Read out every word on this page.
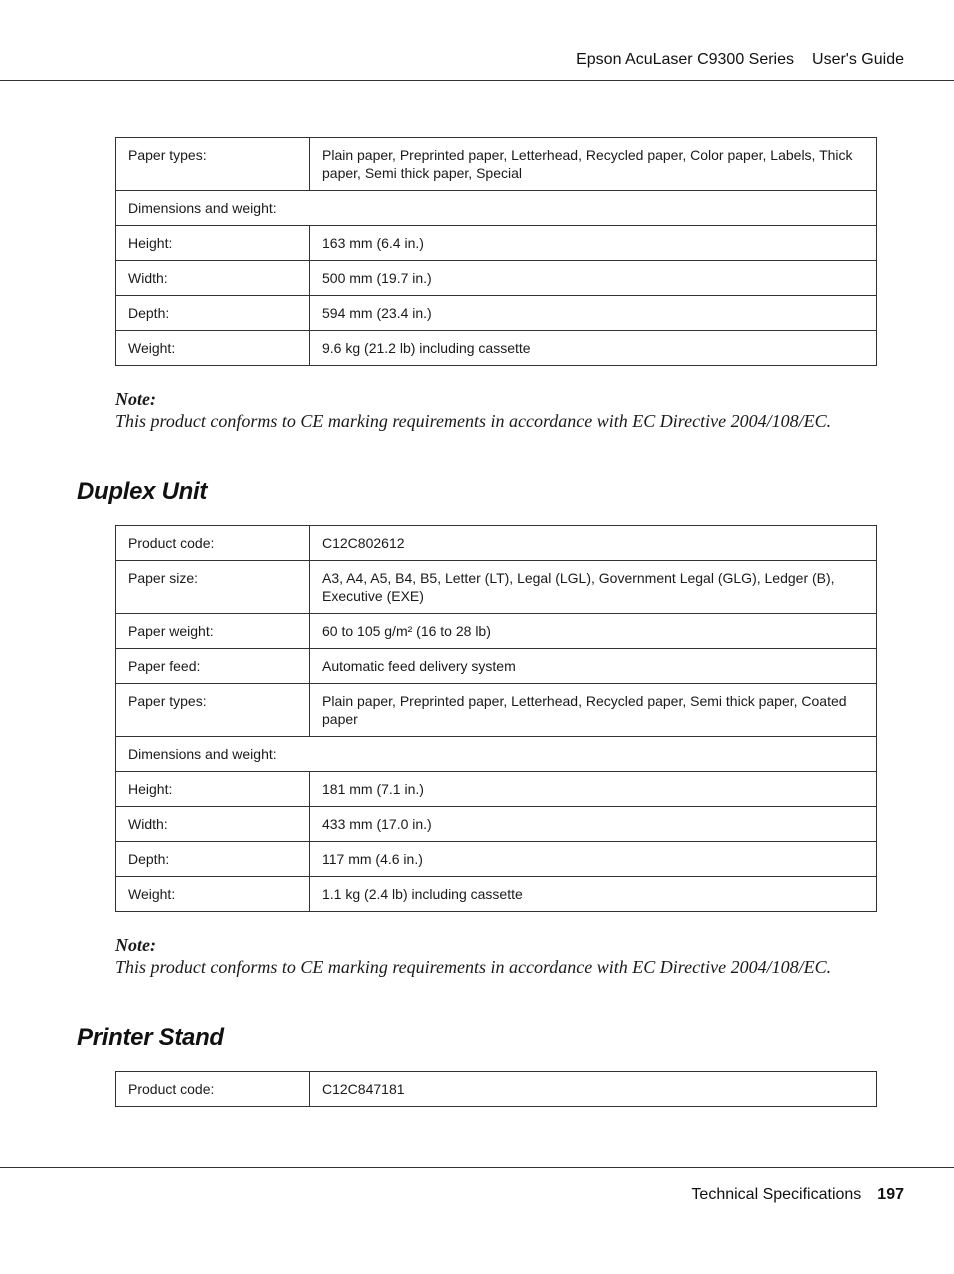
Epson AcuLaser C9300 Series User's Guide
Paper types:	Plain paper, Preprinted paper, Letterhead, Recycled paper, Color paper, Labels, Thick paper, Semi thick paper, Special
Dimensions and weight:	
Height:	163 mm (6.4 in.)
Width:	500 mm (19.7 in.)
Depth:	594 mm (23.4 in.)
Weight:	9.6 kg (21.2 lb) including cassette
Note:
This product conforms to CE marking requirements in accordance with EC Directive 2004/108/EC.
Duplex Unit
Product code:	C12C802612
Paper size:	A3, A4, A5, B4, B5, Letter (LT), Legal (LGL), Government Legal (GLG), Ledger (B), Executive (EXE)
Paper weight:	60 to 105 g/m² (16 to 28 lb)
Paper feed:	Automatic feed delivery system
Paper types:	Plain paper, Preprinted paper, Letterhead, Recycled paper, Semi thick paper, Coated paper
Dimensions and weight:	
Height:	181 mm (7.1 in.)
Width:	433 mm (17.0 in.)
Depth:	117 mm (4.6 in.)
Weight:	1.1 kg (2.4 lb) including cassette
Note:
This product conforms to CE marking requirements in accordance with EC Directive 2004/108/EC.
Printer Stand
Product code:	C12C847181
Technical Specifications 197
